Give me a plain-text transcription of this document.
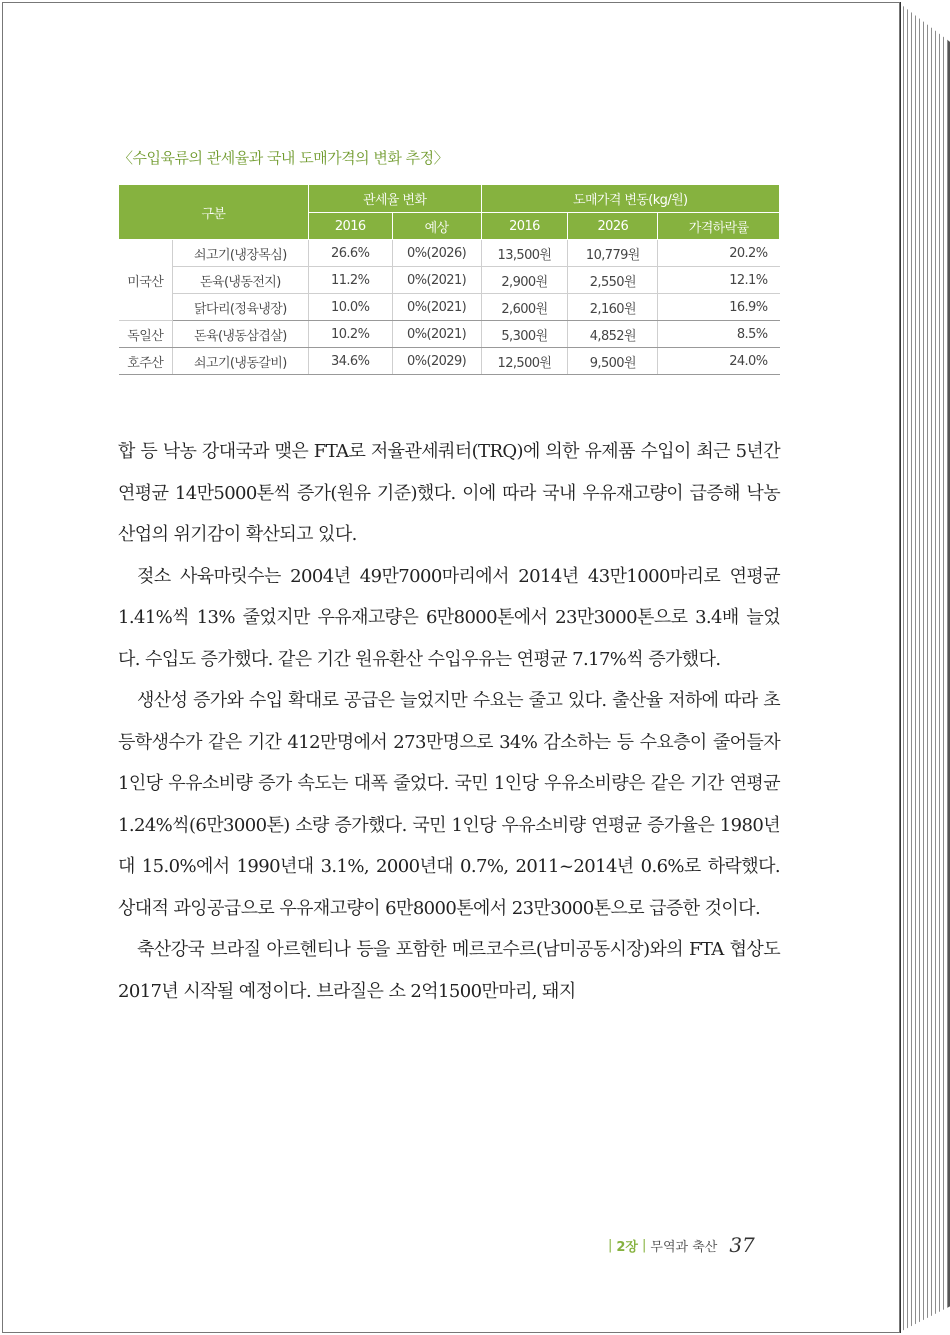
〈수입육류의 관세율과 국내 도매가격의 변화 추정〉
구분		관세율 변화		도매가격 변동(kg/원)		
		2016	예상	2016	2026	가격하락률
미국산	쇠고기(냉장목심)	26.6%	0%(2026)	13,500원	10,779원	20.2%
	돈육(냉동전지)	11.2%	0%(2021)	2,900원	2,550원	12.1%
	닭다리(정육냉장)	10.0%	0%(2021)	2,600원	2,160원	16.9%
독일산	돈육(냉동삼겹살)	10.2%	0%(2021)	5,300원	4,852원	8.5%
호주산	쇠고기(냉동갈비)	34.6%	0%(2029)	12,500원	9,500원	24.0%

합 등 낙농 강대국과 맺은 FTA로 저율관세쿼터(TRQ)에 의한 유제품 수입이 최근 5년간 연평균 14만5000톤씩 증가(원유 기준)했다. 이에 따라 국내 우유재고량이 급증해 낙농산업의 위기감이 확산되고 있다.

젖소 사육마릿수는 2004년 49만7000마리에서 2014년 43만1000마리로 연평균 1.41%씩 13% 줄었지만 우유재고량은 6만8000톤에서 23만3000톤으로 3.4배 늘었다. 수입도 증가했다. 같은 기간 원유환산 수입우유는 연평균 7.17%씩 증가했다.

생산성 증가와 수입 확대로 공급은 늘었지만 수요는 줄고 있다. 출산율 저하에 따라 초등학생수가 같은 기간 412만명에서 273만명으로 34% 감소하는 등 수요층이 줄어들자 1인당 우유소비량 증가 속도는 대폭 줄었다. 국민 1인당 우유소비량은 같은 기간 연평균 1.24%씩(6만3000톤) 소량 증가했다. 국민 1인당 우유소비량 연평균 증가율은 1980년대 15.0%에서 1990년대 3.1%, 2000년대 0.7%, 2011~2014년 0.6%로 하락했다. 상대적 과잉공급으로 우유재고량이 6만8000톤에서 23만3000톤으로 급증한 것이다.

축산강국 브라질 아르헨티나 등을 포함한 메르코수르(남미공동시장)와의 FTA 협상도 2017년 시작될 예정이다. 브라질은 소 2억1500만마리, 돼지

| 2장 | 무역과 축산 37
